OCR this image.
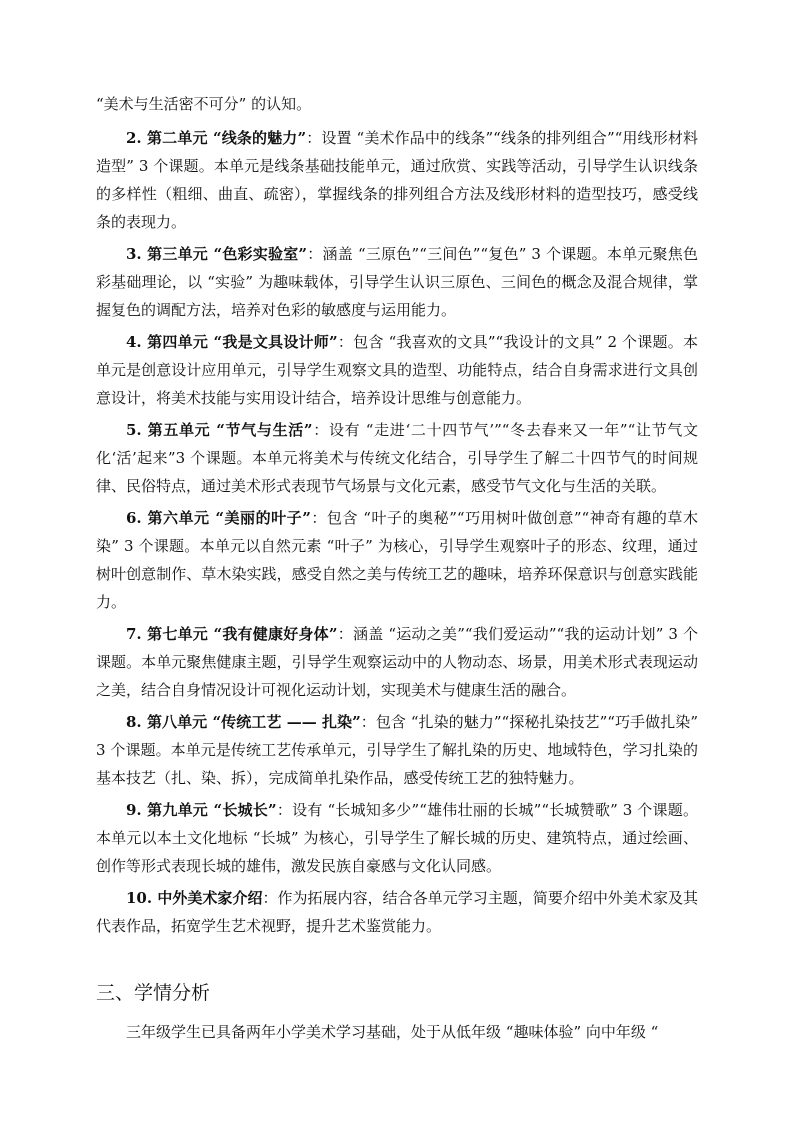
“美术与生活密不可分” 的认知。

2. 第二单元 “线条的魅力”：设置 “美术作品中的线条”“线条的排列组合”“用线形材料造型” 3 个课题。本单元是线条基础技能单元，通过欣赏、实践等活动，引导学生认识线条的多样性（粗细、曲直、疏密），掌握线条的排列组合方法及线形材料的造型技巧，感受线条的表现力。

3. 第三单元 “色彩实验室”：涵盖 “三原色”“三间色”“复色” 3 个课题。本单元聚焦色彩基础理论，以 “实验” 为趣味载体，引导学生认识三原色、三间色的概念及混合规律，掌握复色的调配方法，培养对色彩的敏感度与运用能力。

4. 第四单元 “我是文具设计师”：包含 “我喜欢的文具”“我设计的文具” 2 个课题。本单元是创意设计应用单元，引导学生观察文具的造型、功能特点，结合自身需求进行文具创意设计，将美术技能与实用设计结合，培养设计思维与创意能力。

5. 第五单元 “节气与生活”：设有 “走进‘二十四节气’”“冬去春来又一年”“让节气文化‘活’起来”3 个课题。本单元将美术与传统文化结合，引导学生了解二十四节气的时间规律、民俗特点，通过美术形式表现节气场景与文化元素，感受节气文化与生活的关联。

6. 第六单元 “美丽的叶子”：包含 “叶子的奥秘”“巧用树叶做创意”“神奇有趣的草木染” 3 个课题。本单元以自然元素 “叶子” 为核心，引导学生观察叶子的形态、纹理，通过树叶创意制作、草木染实践，感受自然之美与传统工艺的趣味，培养环保意识与创意实践能力。

7. 第七单元 “我有健康好身体”：涵盖 “运动之美”“我们爱运动”“我的运动计划” 3 个课题。本单元聚焦健康主题，引导学生观察运动中的人物动态、场景，用美术形式表现运动之美，结合自身情况设计可视化运动计划，实现美术与健康生活的融合。

8. 第八单元 “传统工艺 —— 扎染”：包含 “扎染的魅力”“探秘扎染技艺”“巧手做扎染” 3 个课题。本单元是传统工艺传承单元，引导学生了解扎染的历史、地域特色，学习扎染的基本技艺（扎、染、拆），完成简单扎染作品，感受传统工艺的独特魅力。

9. 第九单元 “长城长”：设有 “长城知多少”“雄伟壮丽的长城”“长城赞歌” 3 个课题。本单元以本土文化地标 “长城” 为核心，引导学生了解长城的历史、建筑特点，通过绘画、创作等形式表现长城的雄伟，激发民族自豪感与文化认同感。

10. 中外美术家介绍：作为拓展内容，结合各单元学习主题，简要介绍中外美术家及其代表作品，拓宽学生艺术视野，提升艺术鉴赏能力。

三、学情分析

三年级学生已具备两年小学美术学习基础，处于从低年级 “趣味体验” 向中年级 “
